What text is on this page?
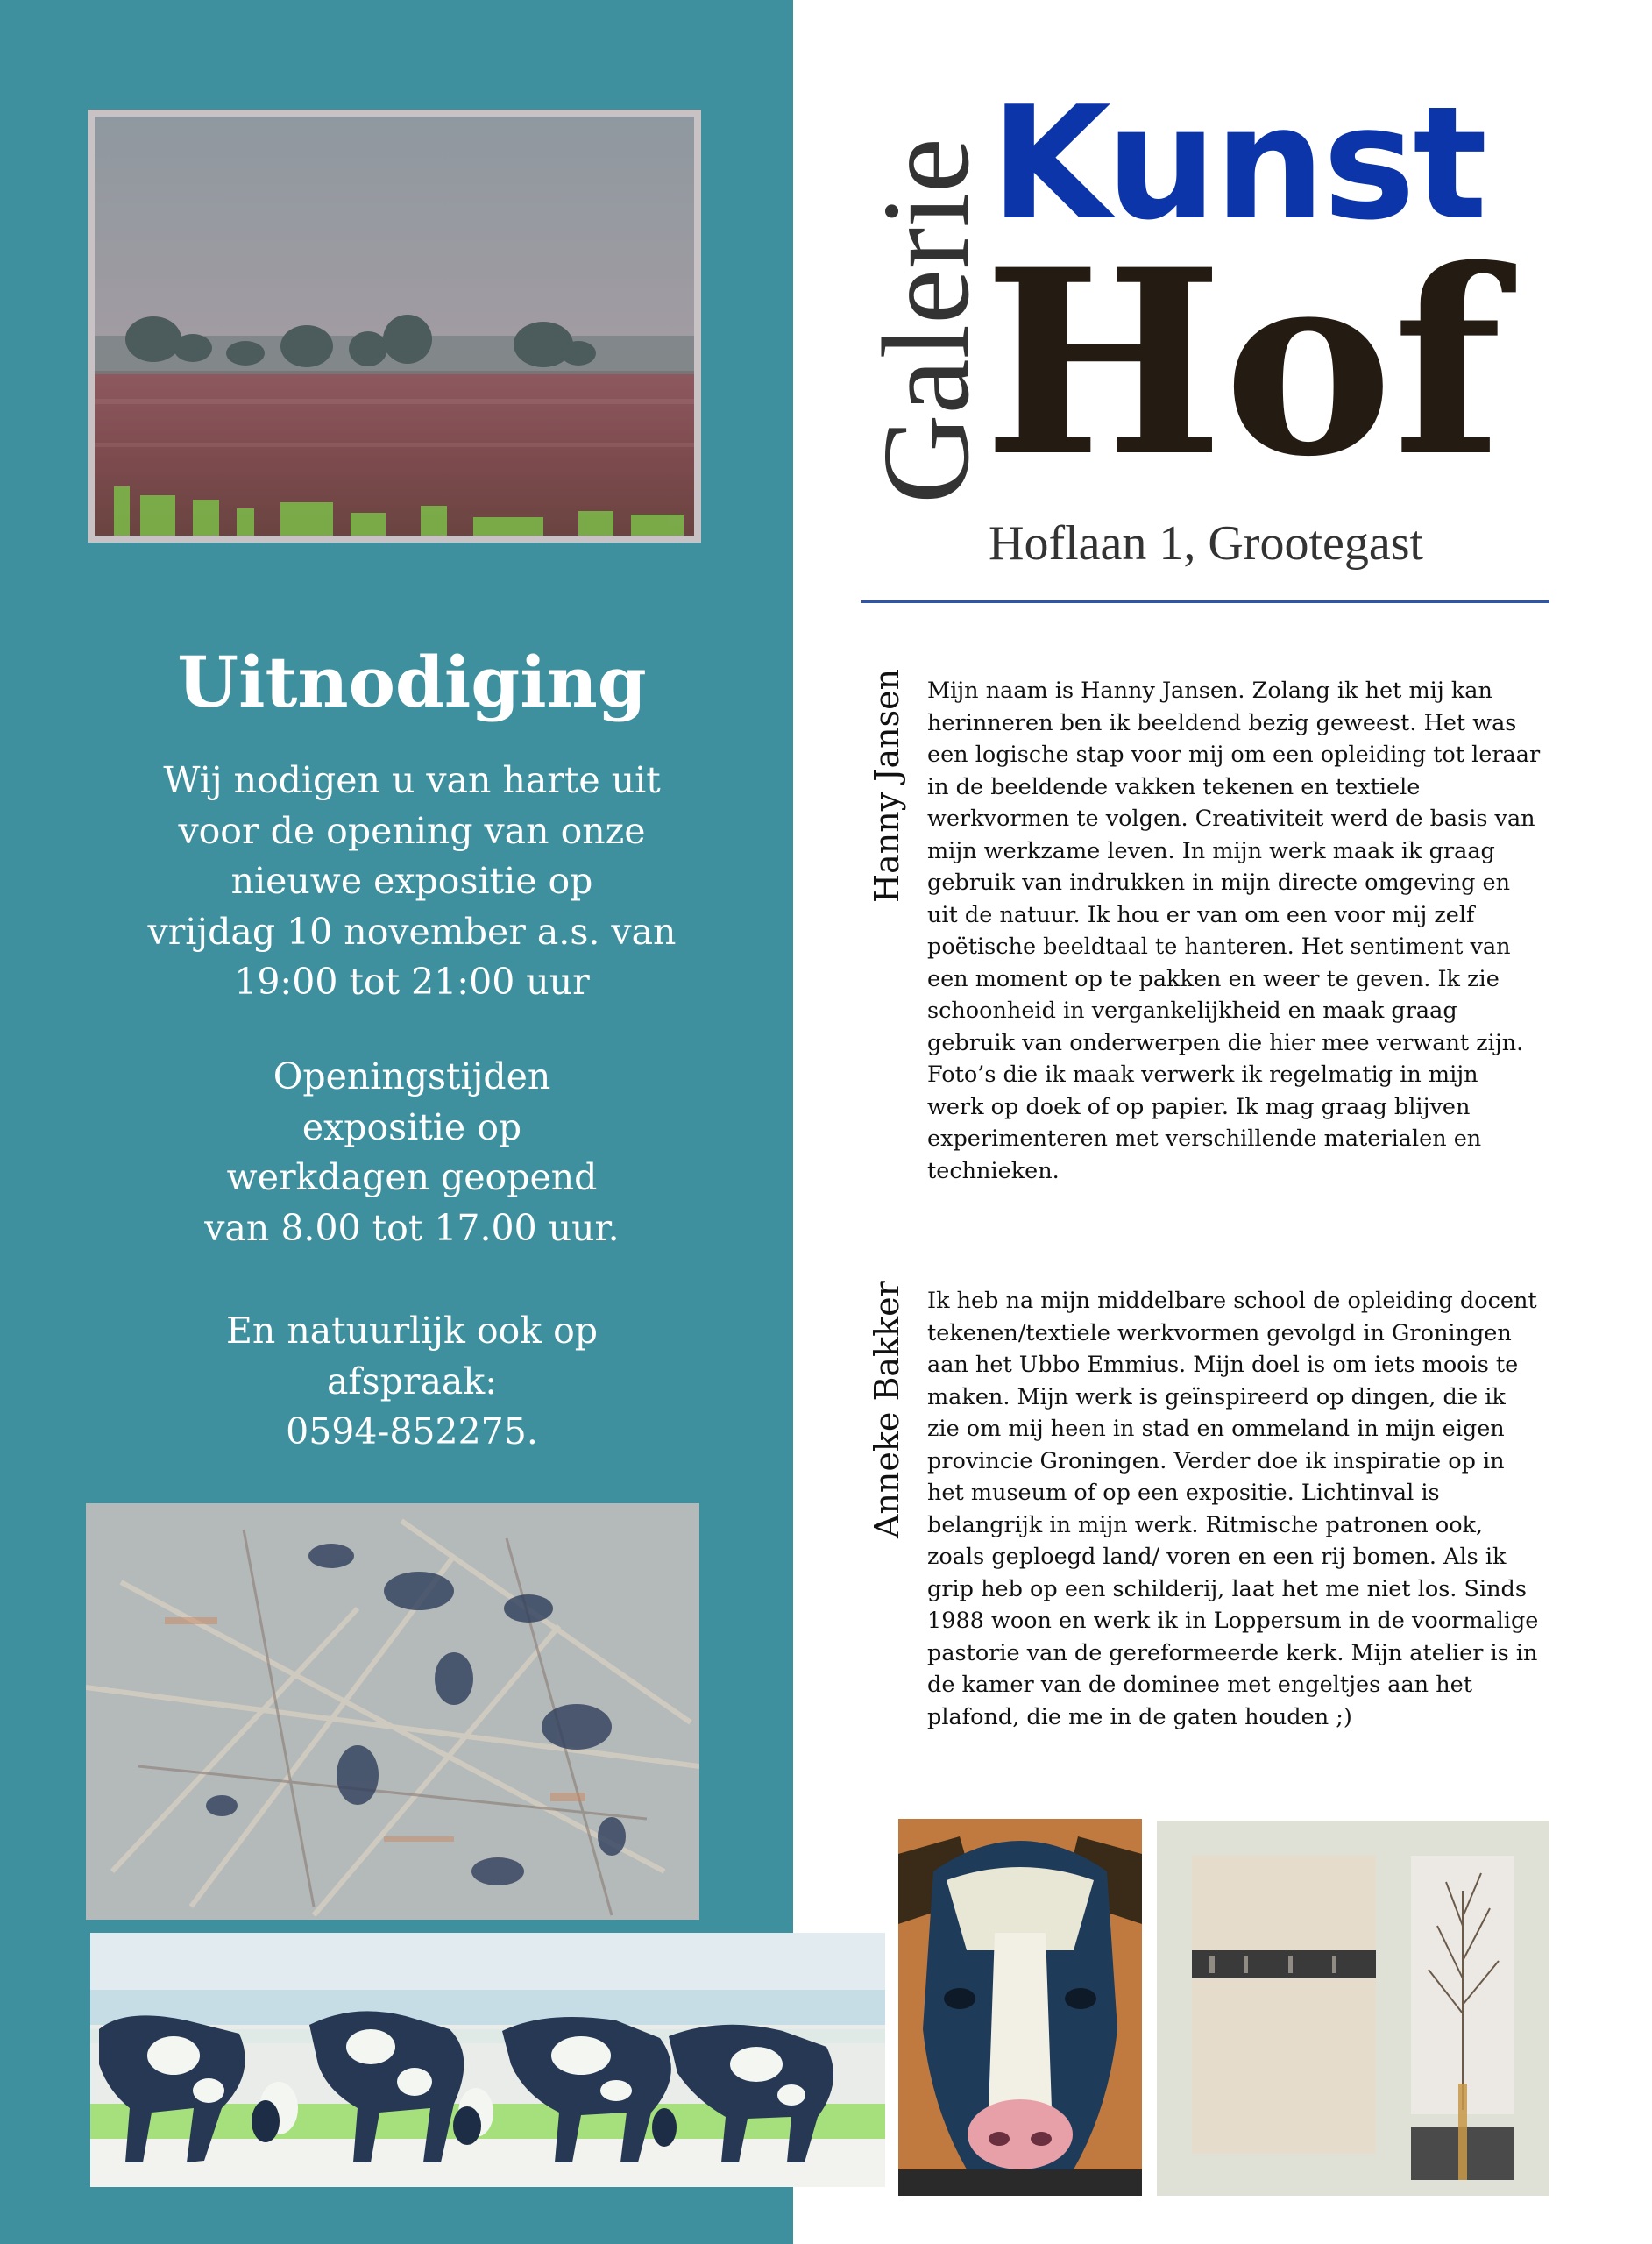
Uitnodiging

Wij nodigen u van harte uit

voor de opening van onze

nieuwe expositie op

vrijdag 10 november a.s. van

19:00 tot 21:00 uur

Openingstijden

expositie op

werkdagen geopend

van 8.00 tot 17.00 uur.

En natuurlijk ook op

afspraak:

0594-852275.

Galerie
Kunst
Hof
Hoflaan 1, Grootegast
Hanny Jansen Mijn naam is Hanny Jansen. Zolang ik het mij kan herinneren ben ik beeldend bezig geweest. Het was een logische stap voor mij om een opleiding tot leraar in de beeldende vakken tekenen en textiele werkvormen te volgen. Creativiteit werd de basis van mijn werkzame leven. In mijn werk maak ik graag gebruik van indrukken in mijn directe omgeving en uit de natuur. Ik hou er van om een voor mij zelf poëtische beeldtaal te hanteren. Het sentiment van een moment op te pakken en weer te geven. Ik zie schoonheid in vergankelijkheid en maak graag gebruik van onderwerpen die hier mee verwant zijn.

Foto’s die ik maak verwerk ik regelmatig in mijn werk op doek of op papier. Ik mag graag blijven experimenteren met verschillende materialen en technieken.

Anneke Bakker Ik heb na mijn middelbare school de opleiding docent tekenen/textiele werkvormen gevolgd in Groningen aan het Ubbo Emmius. Mijn doel is om iets moois te maken. Mijn werk is geïnspireerd op dingen, die ik zie om mij heen in stad en ommeland in mijn eigen provincie Groningen. Verder doe ik inspiratie op in het museum of op een expositie. Lichtinval is belangrijk in mijn werk. Ritmische patronen ook, zoals geploegd land/ voren en een rij bomen. Als ik grip heb op een schilderij, laat het me niet los. Sinds 1988 woon en werk ik in Loppersum in de voormalige pastorie van de gereformeerde kerk. Mijn atelier is in de kamer van de dominee met engeltjes aan het plafond, die me in de gaten houden ;)
